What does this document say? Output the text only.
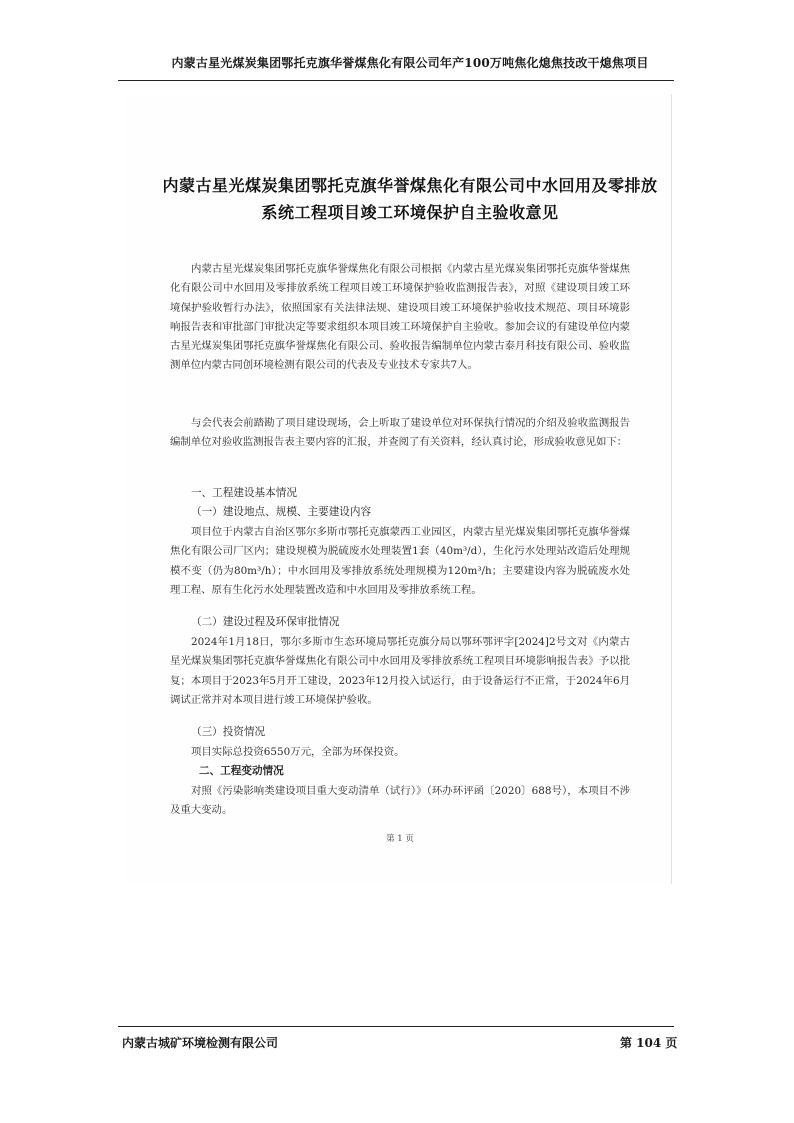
内蒙古星光煤炭集团鄂托克旗华誉煤焦化有限公司年产100万吨焦化熄焦技改干熄焦项目
内蒙古星光煤炭集团鄂托克旗华誉煤焦化有限公司中水回用及零排放
系统工程项目竣工环境保护自主验收意见

内蒙古星光煤炭集团鄂托克旗华誉煤焦化有限公司根据《内蒙古星光煤炭集团鄂托克旗华誉煤焦化有限公司中水回用及零排放系统工程项目竣工环境保护验收监测报告表》，对照《建设项目竣工环境保护验收暂行办法》，依照国家有关法律法规、建设项目竣工环境保护验收技术规范、项目环境影响报告表和审批部门审批决定等要求组织本项目竣工环境保护自主验收。参加会议的有建设单位内蒙古星光煤炭集团鄂托克旗华誉煤焦化有限公司、验收报告编制单位内蒙古泰月科技有限公司、验收监测单位内蒙古同创环境检测有限公司的代表及专业技术专家共7人。

与会代表会前踏勘了项目建设现场，会上听取了建设单位对环保执行情况的介绍及验收监测报告编制单位对验收监测报告表主要内容的汇报，并查阅了有关资料，经认真讨论，形成验收意见如下：

一、工程建设基本情况
（一）建设地点、规模、主要建设内容

项目位于内蒙古自治区鄂尔多斯市鄂托克旗蒙西工业园区，内蒙古星光煤炭集团鄂托克旗华誉煤焦化有限公司厂区内；建设规模为脱硫废水处理装置1套（40m³/d），生化污水处理站改造后处理规模不变（仍为80m³/h）；中水回用及零排放系统处理规模为120m³/h；主要建设内容为脱硫废水处理工程、原有生化污水处理装置改造和中水回用及零排放系统工程。

（二）建设过程及环保审批情况

2024年1月18日，鄂尔多斯市生态环境局鄂托克旗分局以鄂环鄂评字[2024]2号文对《内蒙古星光煤炭集团鄂托克旗华誉煤焦化有限公司中水回用及零排放系统工程项目环境影响报告表》予以批复；本项目于2023年5月开工建设，2023年12月投入试运行，由于设备运行不正常，于2024年6月调试正常并对本项目进行竣工环境保护验收。

（三）投资情况

项目实际总投资6550万元，全部为环保投资。

二、工程变动情况

对照《污染影响类建设项目重大变动清单（试行）》（环办环评函〔2020〕688号），本项目不涉及重大变动。

第 1 页
内蒙古城矿环境检测有限公司	第 104 页
